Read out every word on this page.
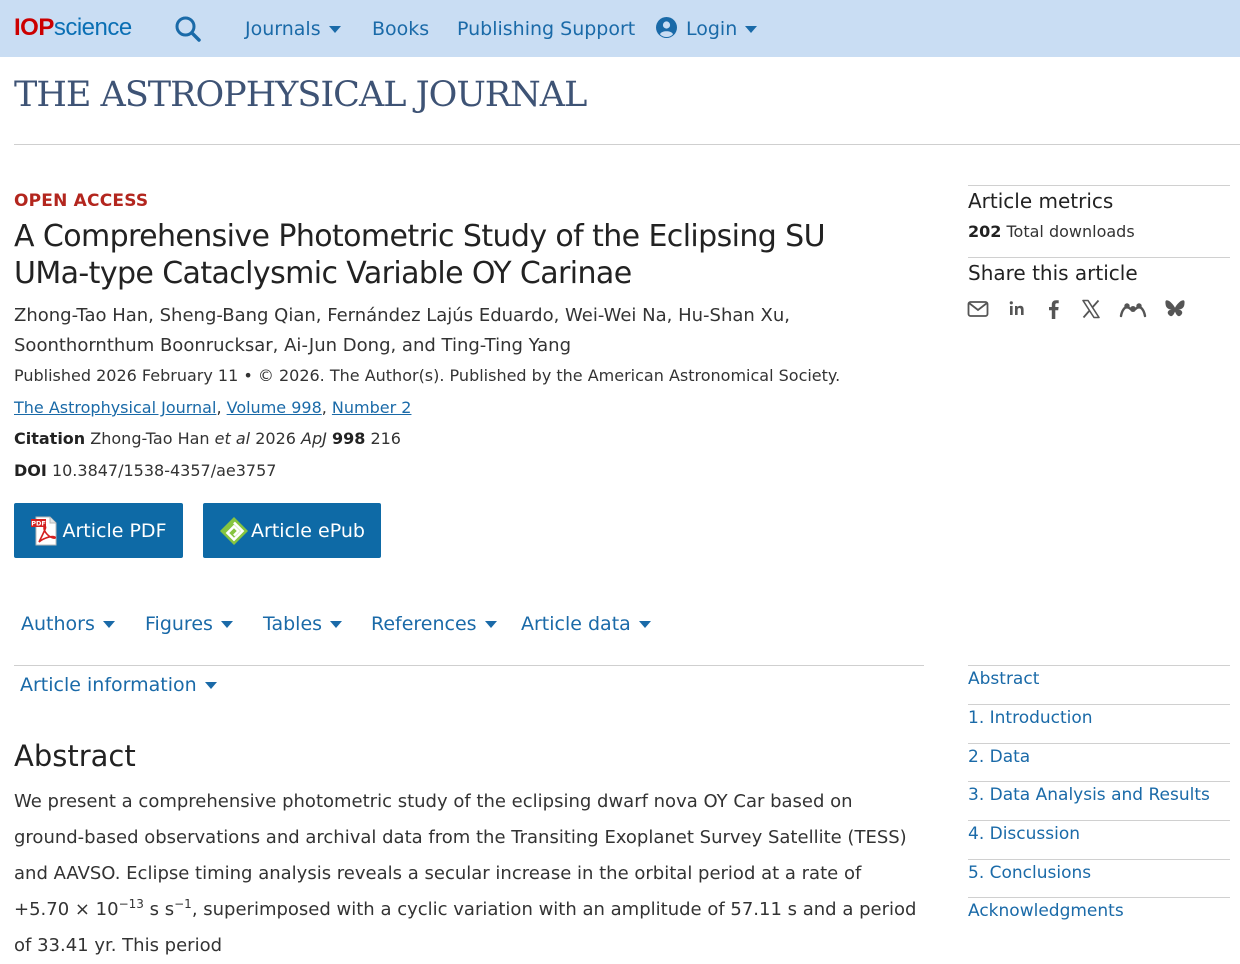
IOPscience	Journals	Books Publishing Support	Login
THE ASTROPHYSICAL JOURNAL
OPEN ACCESS
A Comprehensive Photometric Study of the Eclipsing SU UMa-type Cataclysmic Variable OY Carinae
Zhong-Tao Han, Sheng-Bang Qian, Fernández Lajús Eduardo, Wei-Wei Na, Hu-Shan Xu, Soonthornthum Boonrucksar, Ai-Jun Dong, and Ting-Ting Yang
Published 2026 February 11 • © 2026. The Author(s). Published by the American Astronomical Society.
The Astrophysical Journal, Volume 998, Number 2
Citation Zhong-Tao Han et al 2026 ApJ 998 216
DOI 10.3847/1538-4357/ae3757
PDF Article PDF	Article ePub
Authors	Figures	Tables	References	Article data
Article information
Abstract

We present a comprehensive photometric study of the eclipsing dwarf nova OY Car based on ground-based observations and archival data from the Transiting Exoplanet Survey Satellite (TESS) and AAVSO. Eclipse timing analysis reveals a secular increase in the orbital period at a rate of $+5.70 \times 10^{-13}$ s $s^{-1}$, superimposed with a cyclic variation with an amplitude of 57.11 s and a period of 33.41 yr. This period

Article metrics
202 Total downloads
Share this article
Abstract
1. Introduction
2. Data
3. Data Analysis and Results
4. Discussion
5. Conclusions
Acknowledgments
